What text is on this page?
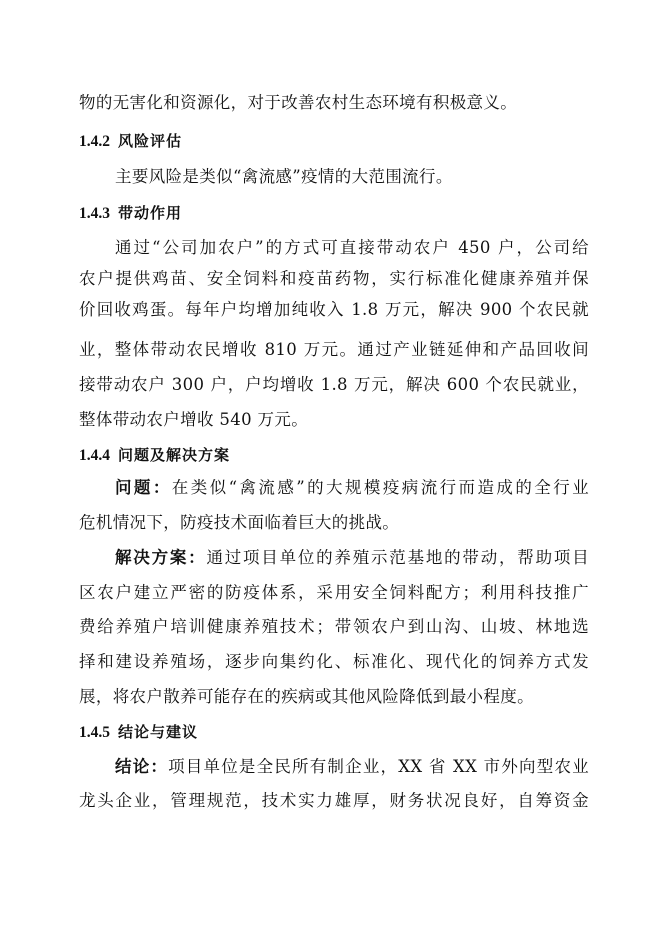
物的无害化和资源化，对于改善农村生态环境有积极意义。
1.4.2 风险评估
主要风险是类似“禽流感”疫情的大范围流行。
1.4.3 带动作用
通过“公司加农户”的方式可直接带动农户 450 户，公司给
农户提供鸡苗、安全饲料和疫苗药物，实行标准化健康养殖并保
价回收鸡蛋。每年户均增加纯收入 1.8 万元，解决 900 个农民就
业，整体带动农民增收 810 万元。通过产业链延伸和产品回收间
接带动农户 300 户，户均增收 1.8 万元，解决 600 个农民就业，
整体带动农户增收 540 万元。
1.4.4 问题及解决方案
问题：在类似“禽流感”的大规模疫病流行而造成的全行业
危机情况下，防疫技术面临着巨大的挑战。
解决方案：通过项目单位的养殖示范基地的带动，帮助项目
区农户建立严密的防疫体系，采用安全饲料配方；利用科技推广
费给养殖户培训健康养殖技术；带领农户到山沟、山坡、林地选
择和建设养殖场，逐步向集约化、标准化、现代化的饲养方式发
展，将农户散养可能存在的疾病或其他风险降低到最小程度。
1.4.5 结论与建议
结论：项目单位是全民所有制企业，XX 省 XX 市外向型农业
龙头企业，管理规范，技术实力雄厚，财务状况良好，自筹资金
